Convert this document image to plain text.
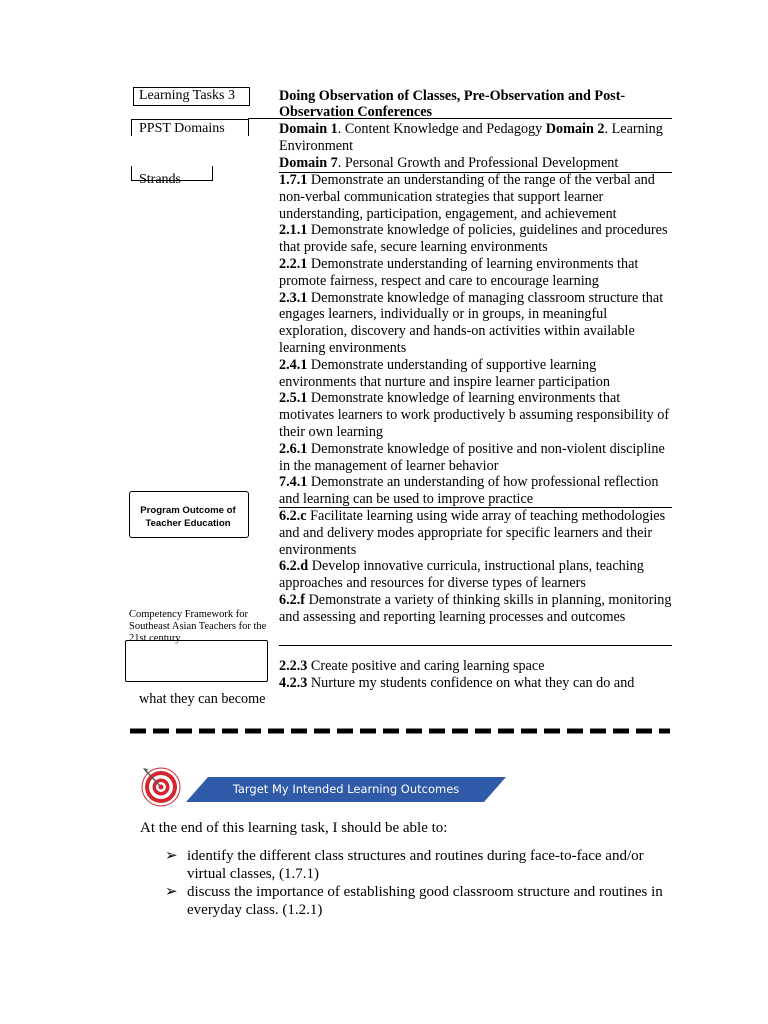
Learning Tasks 3
PPST Domains
Strands
Program Outcome of Teacher Education
Competency Framework for Southeast Asian Teachers for the 21st century
Doing Observation of Classes, Pre-Observation and Post-Observation Conferences

Domain 1. Content Knowledge and Pedagogy Domain 2. Learning Environment

Domain 7. Personal Growth and Professional Development

1.7.1 Demonstrate an understanding of the range of the verbal and non-verbal communication strategies that support learner understanding, participation, engagement, and achievement

2.1.1 Demonstrate knowledge of policies, guidelines and procedures that provide safe, secure learning environments

2.2.1 Demonstrate understanding of learning environments that promote fairness, respect and care to encourage learning

2.3.1 Demonstrate knowledge of managing classroom structure that engages learners, individually or in groups, in meaningful exploration, discovery and hands-on activities within available learning environments

2.4.1 Demonstrate understanding of supportive learning environments that nurture and inspire learner participation

2.5.1 Demonstrate knowledge of learning environments that motivates learners to work productively b assuming responsibility of their own learning

2.6.1 Demonstrate knowledge of positive and non-violent discipline in the management of learner behavior

7.4.1 Demonstrate an understanding of how professional reflection and learning can be used to improve practice

6.2.c Facilitate learning using wide array of teaching methodologies and and delivery modes appropriate for specific learners and their environments

6.2.d Develop innovative curricula, instructional plans, teaching approaches and resources for diverse types of learners

6.2.f Demonstrate a variety of thinking skills in planning, monitoring and assessing and reporting learning processes and outcomes

2.2.3 Create positive and caring learning space

4.2.3 Nurture my students confidence on what they can do and

what they can become
Target My Intended Learning Outcomes
At the end of this learning task, I should be able to:
➢ identify the different class structures and routines during face-to-face and/or virtual classes, (1.7.1)
➢ discuss the importance of establishing good classroom structure and routines in everyday class. (1.2.1)
